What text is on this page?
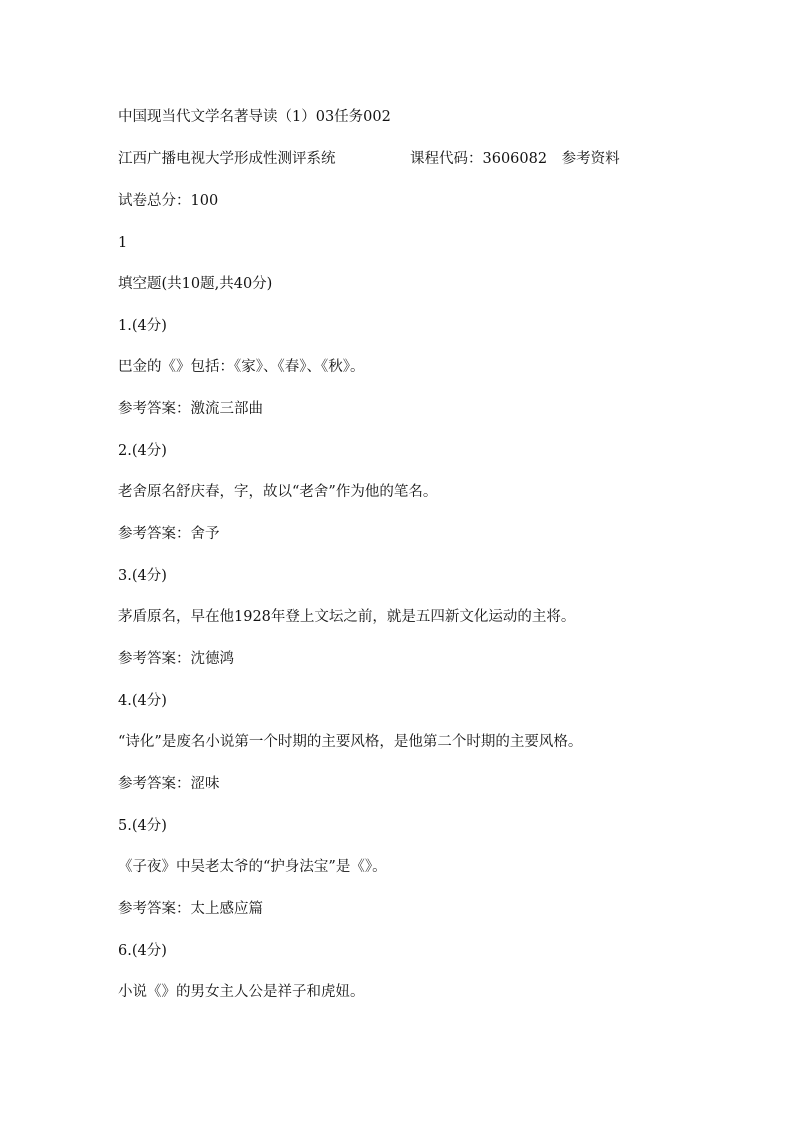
中国现当代文学名著导读（1）03任务002
江西广播电视大学形成性测评系统	课程代码：3606082　参考资料
试卷总分：100
1
填空题(共10题,共40分)
1.(4分)
巴金的《》包括：《家》、《春》、《秋》。
参考答案：激流三部曲
2.(4分)
老舍原名舒庆春，字，故以“老舍”作为他的笔名。
参考答案：舍予
3.(4分)
茅盾原名，早在他1928年登上文坛之前，就是五四新文化运动的主将。
参考答案：沈德鸿
4.(4分)
“诗化”是废名小说第一个时期的主要风格，是他第二个时期的主要风格。
参考答案：涩味
5.(4分)
《子夜》中吴老太爷的“护身法宝”是《》。
参考答案：太上感应篇
6.(4分)
小说《》的男女主人公是祥子和虎妞。
